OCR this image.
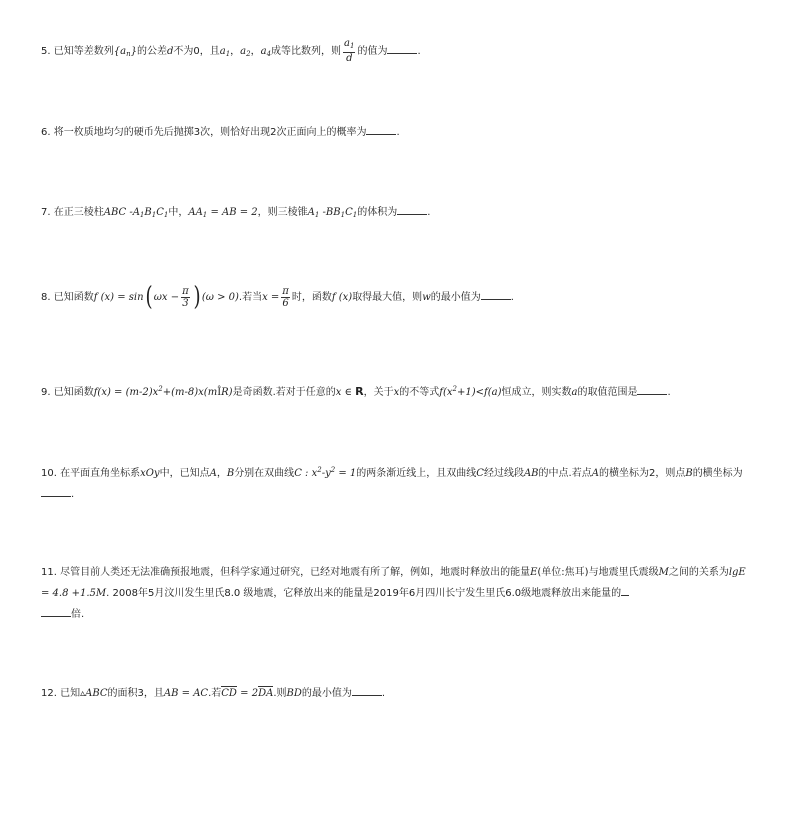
5. 已知等差数列$\{a_n\}$的公差d不为0，且$a_1$，$a_2$，$a_4$成等比数列，则 $\frac{a_1}{d}$ 的值为	.
6. 将一枚质地均匀的硬币先后抛掷3次，则恰好出现2次正面向上的概率为	.
7. 在正三棱柱ABC $-A_1B_1C_1$中，$AA_1$ = AB = 2，则三棱锥$A_1$ $-BB_1C_1$的体积为	.
8. 已知函数f (x) = sin( $\omega x - \frac{\pi}{3}$ ) (ω > 0).若当$x = \frac{\pi}{6}$ 时，函数f (x)取得最大值，则w的最小值为	.
9. 已知函数$f(x) = (m-2)x^2+(m-8)x(mÎR)$是奇函数.若对于任意的x ∈ R，关于x的不等式$f(x^2+1)<f(a)$恒成立，则实数a的取值范围是	.
10. 在平面直角坐标系xOy中，已知点A，B分别在双曲线C : $x^2-y^2 = 1$的两条渐近线上，且双曲线C经过线段AB的中点.若点A的横坐标为2，则点B的横坐标为.
11. 尽管目前人类还无法准确预报地震，但科学家通过研究，已经对地震有所了解，例如，地震时释放出的能量E(单位:焦耳)与地震里氏震级M之间的关系为lgE = 4.8 +1.5M. 2008年5月汶川发生里氏8.0 级地震，它释放出来的能量是2019年6月四川长宁发生里氏6.0级地震释放出来能量的
倍.
12. 已知▵ABC的面积3，且AB = AC.若CD = 2DA.则BD的最小值为	.
